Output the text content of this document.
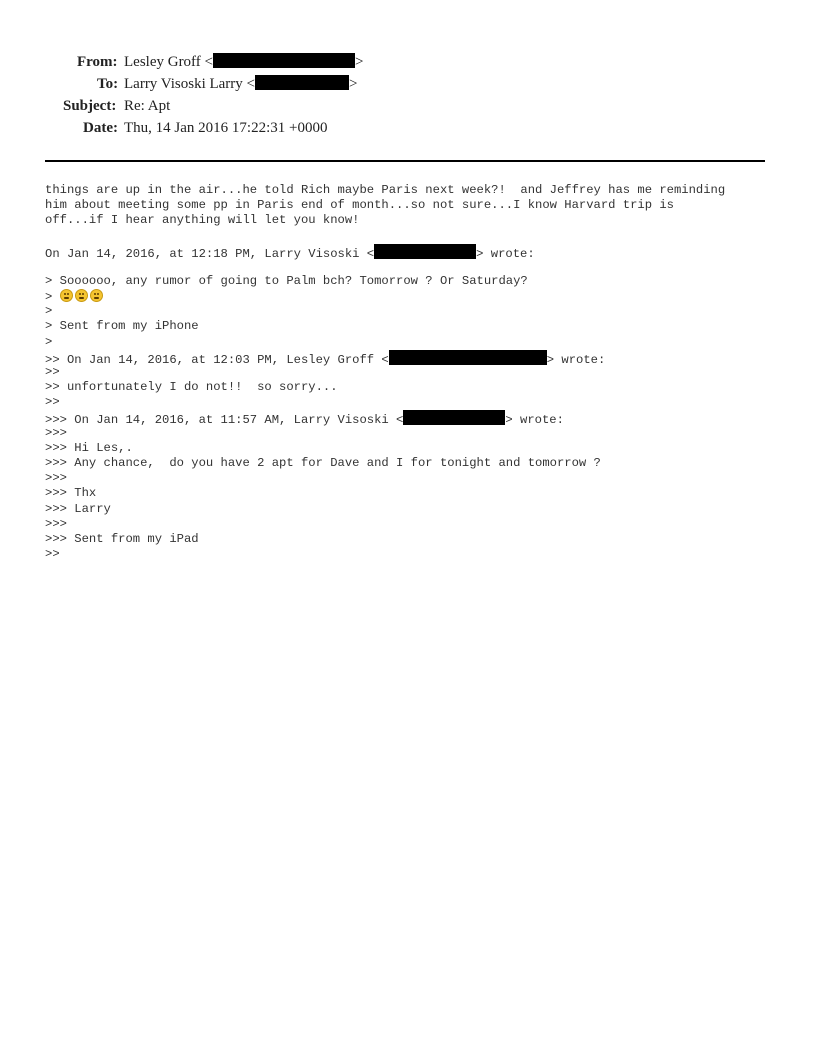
From: Lesley Groff <	>
To: Larry Visoski Larry <	>
Subject: Re: Apt
Date: Thu, 14 Jan 2016 17:22:31 +0000
things are up in the air...he told Rich maybe Paris next week?!  and Jeffrey has me reminding
him about meeting some pp in Paris end of month...so not sure...I know Harvard trip is
off...if I hear anything will let you know!
On Jan 14, 2016, at 12:18 PM, Larry Visoski <	> wrote:
> Soooooo, any rumor of going to Palm bch? Tomorrow ? Or Saturday?
>
>
> Sent from my iPhone
>
>> On Jan 14, 2016, at 12:03 PM, Lesley Groff <	> wrote:
>>
>> unfortunately I do not!!  so sorry...
>>
>>> On Jan 14, 2016, at 11:57 AM, Larry Visoski <	> wrote:
>>>
>>> Hi Les,.
>>> Any chance,  do you have 2 apt for Dave and I for tonight and tomorrow ?
>>>
>>> Thx
>>> Larry
>>>
>>> Sent from my iPad
>>
